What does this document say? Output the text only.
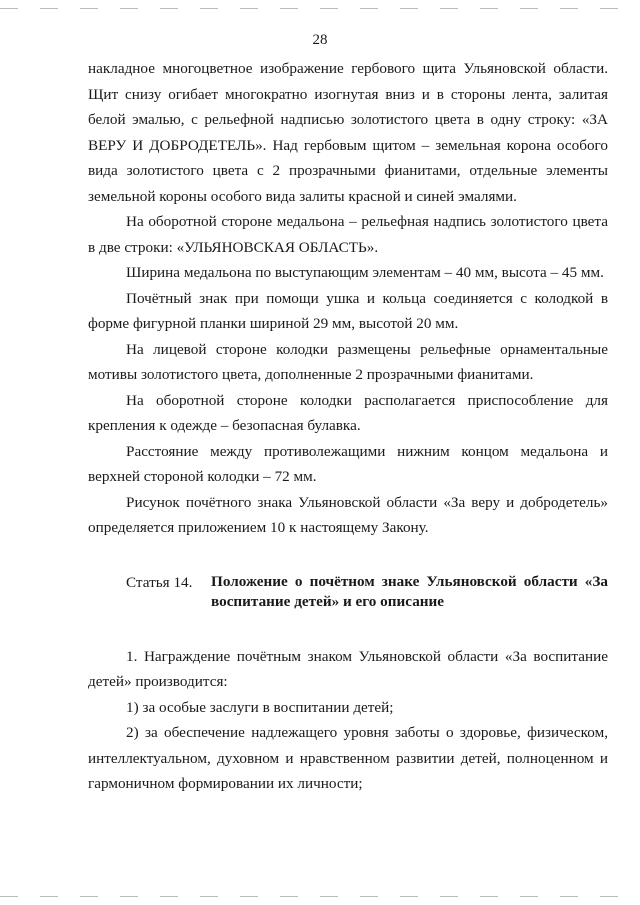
28

накладное многоцветное изображение гербового щита Ульяновской области. Щит снизу огибает многократно изогнутая вниз и в стороны лента, залитая белой эмалью, с рельефной надписью золотистого цвета в одну строку: «ЗА ВЕРУ И ДОБРОДЕТЕЛЬ». Над гербовым щитом – земельная корона особого вида золотистого цвета с 2 прозрачными фианитами, отдельные элементы земельной короны особого вида залиты красной и синей эмалями.

На оборотной стороне медальона – рельефная надпись золотистого цвета в две строки: «УЛЬЯНОВСКАЯ ОБЛАСТЬ».

Ширина медальона по выступающим элементам – 40 мм, высота – 45 мм.

Почётный знак при помощи ушка и кольца соединяется с колодкой в форме фигурной планки шириной 29 мм, высотой 20 мм.

На лицевой стороне колодки размещены рельефные орнаментальные мотивы золотистого цвета, дополненные 2 прозрачными фианитами.

На оборотной стороне колодки располагается приспособление для крепления к одежде – безопасная булавка.

Расстояние между противолежащими нижним концом медальона и верхней стороной колодки – 72 мм.

Рисунок почётного знака Ульяновской области «За веру и добродетель» определяется приложением 10 к настоящему Закону.

Статья 14.	Положение о почётном знаке Ульяновской области «За воспитание детей» и его описание

1. Награждение почётным знаком Ульяновской области «За воспитание детей» производится:

1) за особые заслуги в воспитании детей;

2) за обеспечение надлежащего уровня заботы о здоровье, физическом, интеллектуальном, духовном и нравственном развитии детей, полноценном и гармоничном формировании их личности;
